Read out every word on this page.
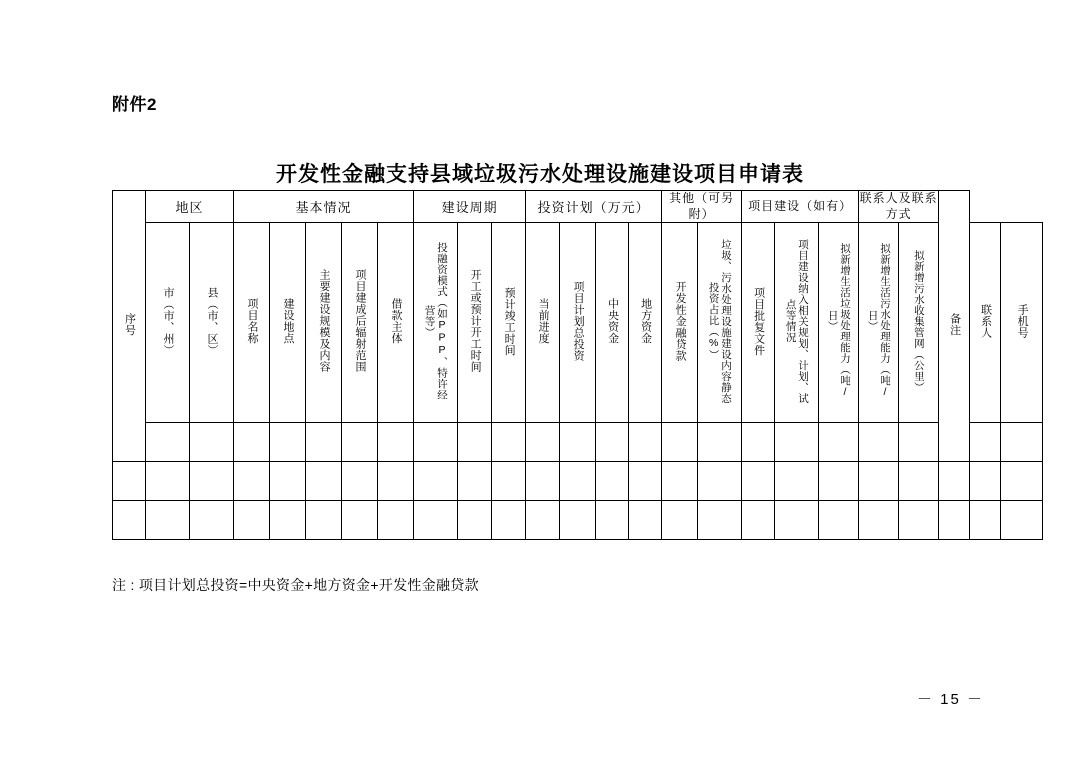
附件2
开发性金融支持县域垃圾污水处理设施建设项目申请表
序号	地区		基本情况					建设周期			投资计划（万元）				其他（可另附）		项目建设（如有）			联系人及联系方式		备注			
	市（市、州）	县（市、区）	项目名称	建设地点	主要建设规模及内容	项目建成后辐射范围	借款主体	投融资模式（如PPP、特许经营等）	开工或预计开工时间	预计竣工时间	当前进度	项目计划总投资	中央资金	地方资金	开发性金融贷款	垃圾、污水处理设施建设内容静态投资占比（%）	项目批复文件	项目建设纳入相关规划、计划、试点等情况	拟新增生活垃圾处理能力（吨/日）	拟新增生活污水处理能力（吨/日）	拟新增污水收集管网（公里）		联系人	手机号	

注 : 项目计划总投资=中央资金+地方资金+开发性金融贷款
－ 15 －
